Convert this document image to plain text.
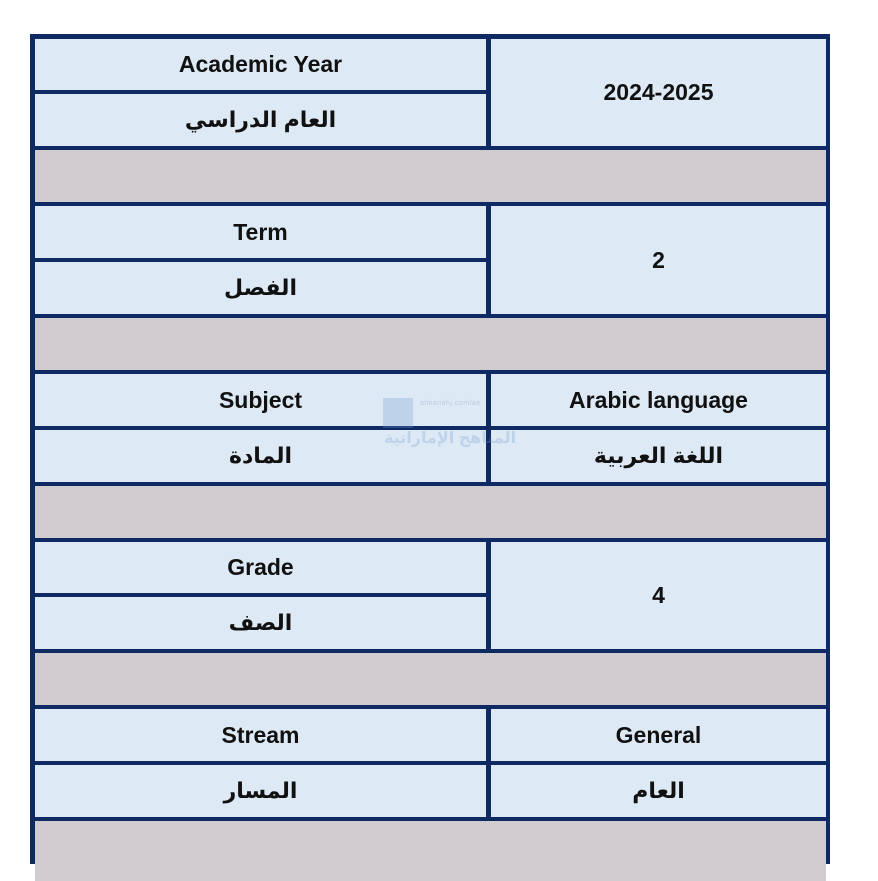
Academic Year
العام الدراسي
2024-2025
Term
الفصل
2
Subject
المادة
Arabic language
اللغة العربية
Grade
الصف
4
Stream
المسار
General
العام
almanahj.com/ae
المناهج الإماراتية
